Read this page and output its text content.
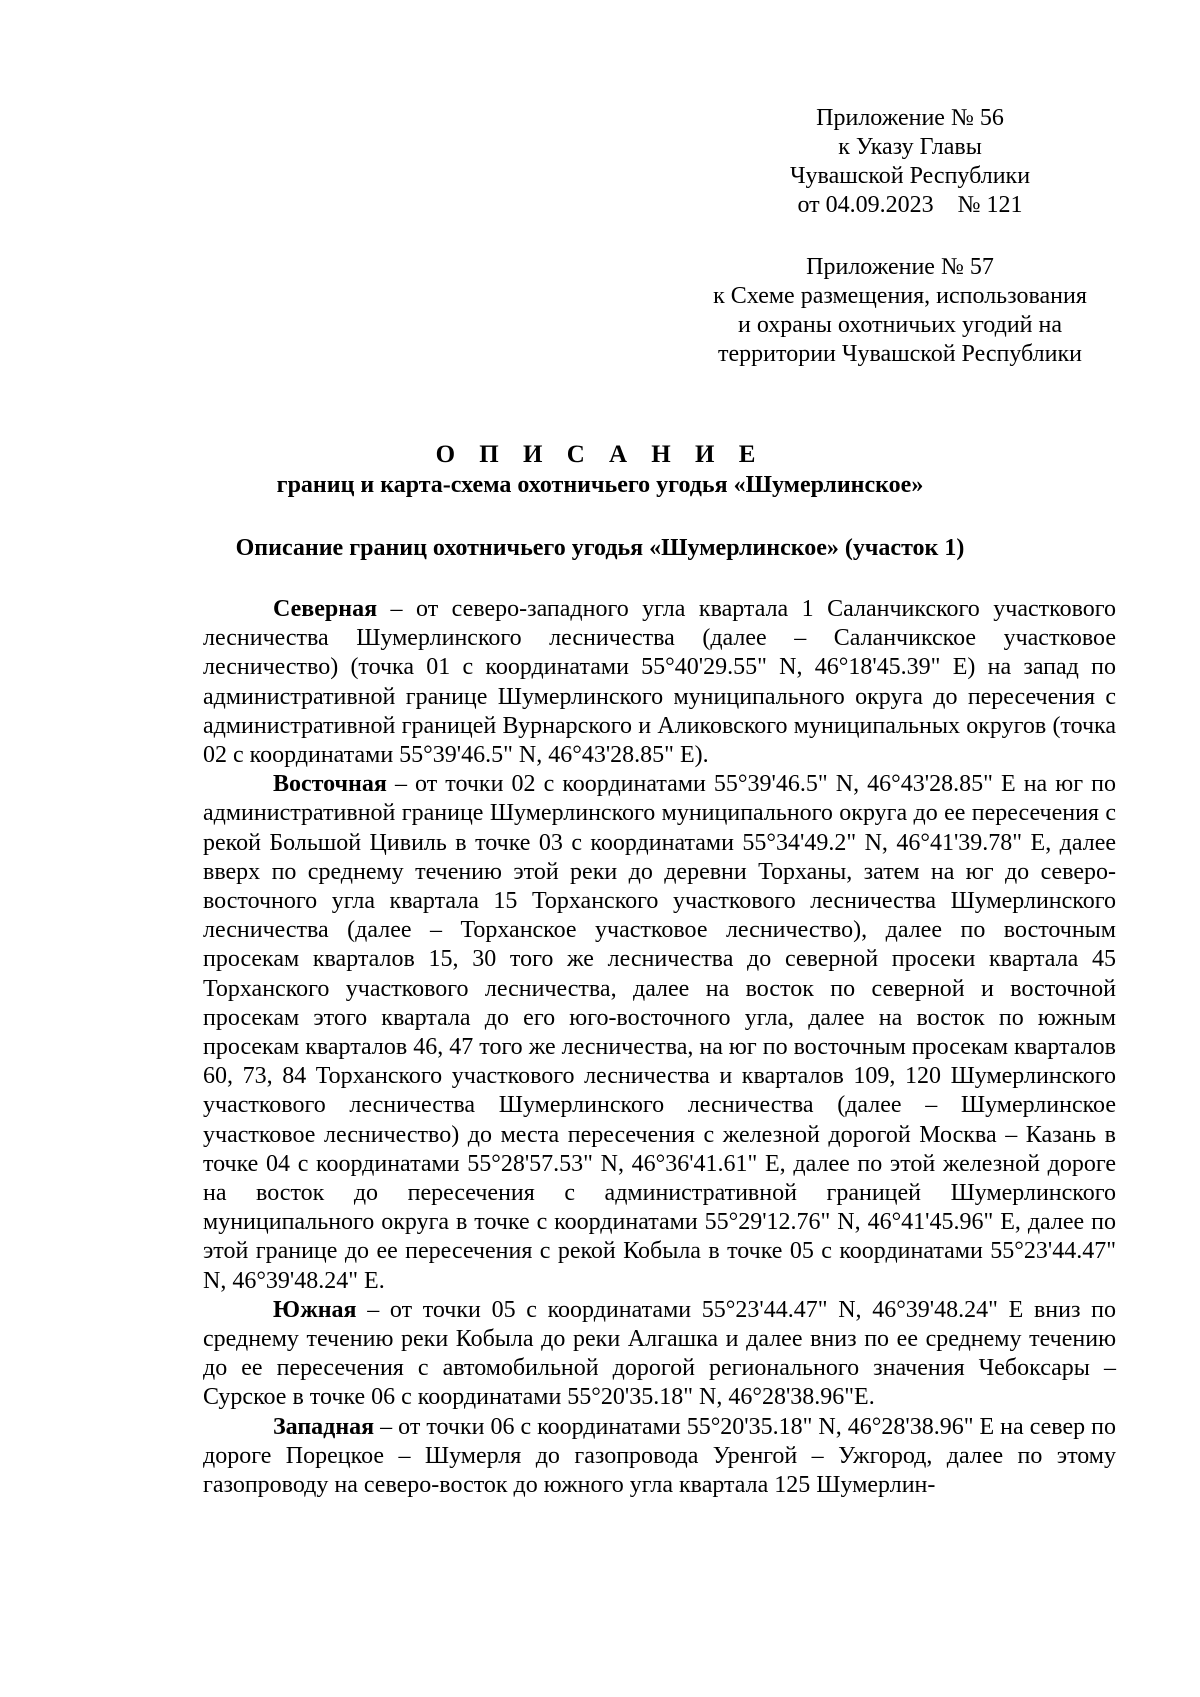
Приложение № 56
к Указу Главы
Чувашской Республики
от 04.09.2023    № 121
Приложение № 57
к Схеме размещения, использования
и охраны охотничьих угодий на
территории Чувашской Республики
О П И С А Н И Е
границ и карта-схема охотничьего угодья «Шумерлинское»
Описание границ охотничьего угодья «Шумерлинское» (участок 1)

Северная – от северо-западного угла квартала 1 Саланчикского участкового лесничества Шумерлинского лесничества (далее – Саланчикское участковое лесничество) (точка 01 с координатами 55°40'29.55" N, 46°18'45.39" E) на запад по административной границе Шумерлинского муниципального округа до пересечения с административной границей Вурнарского и Аликовского муниципальных округов (точка 02 с координатами 55°39'46.5" N, 46°43'28.85" E).

Восточная – от точки 02 с координатами 55°39'46.5" N, 46°43'28.85" E на юг по административной границе Шумерлинского муниципального округа до ее пересечения с рекой Большой Цивиль в точке 03 с координатами 55°34'49.2" N, 46°41'39.78" E, далее вверх по среднему течению этой реки до деревни Торханы, затем на юг до северо-восточного угла квартала 15 Торханского участкового лесничества Шумерлинского лесничества (далее – Торханское участковое лесничество), далее по восточным просекам кварталов 15, 30 того же лесничества до северной просеки квартала 45 Торханского участкового лесничества, далее на восток по северной и восточной просекам этого квартала до его юго-восточного угла, далее на восток по южным просекам кварталов 46, 47 того же лесничества, на юг по восточным просекам кварталов 60, 73, 84 Торханского участкового лесничества и кварталов 109, 120 Шумерлинского участкового лесничества Шумерлинского лесничества (далее – Шумерлинское участковое лесничество) до места пересечения с железной дорогой Москва – Казань в точке 04 с координатами 55°28'57.53" N, 46°36'41.61" E, далее по этой железной дороге на восток до пересечения с административной границей Шумерлинского муниципального округа в точке с координатами 55°29'12.76" N, 46°41'45.96" E, далее по этой границе до ее пересечения с рекой Кобыла в точке 05 с координатами 55°23'44.47" N, 46°39'48.24" E.

Южная – от точки 05 с координатами 55°23'44.47" N, 46°39'48.24" E вниз по среднему течению реки Кобыла до реки Алгашка и далее вниз по ее среднему течению до ее пересечения с автомобильной дорогой регионального значения Чебоксары – Сурское в точке 06 с координатами 55°20'35.18" N, 46°28'38.96"E.

Западная – от точки 06 с координатами 55°20'35.18" N, 46°28'38.96" E на север по дороге Порецкое – Шумерля до газопровода Уренгой – Ужгород, далее по этому газопроводу на северо-восток до южного угла квартала 125 Шумерлин-
